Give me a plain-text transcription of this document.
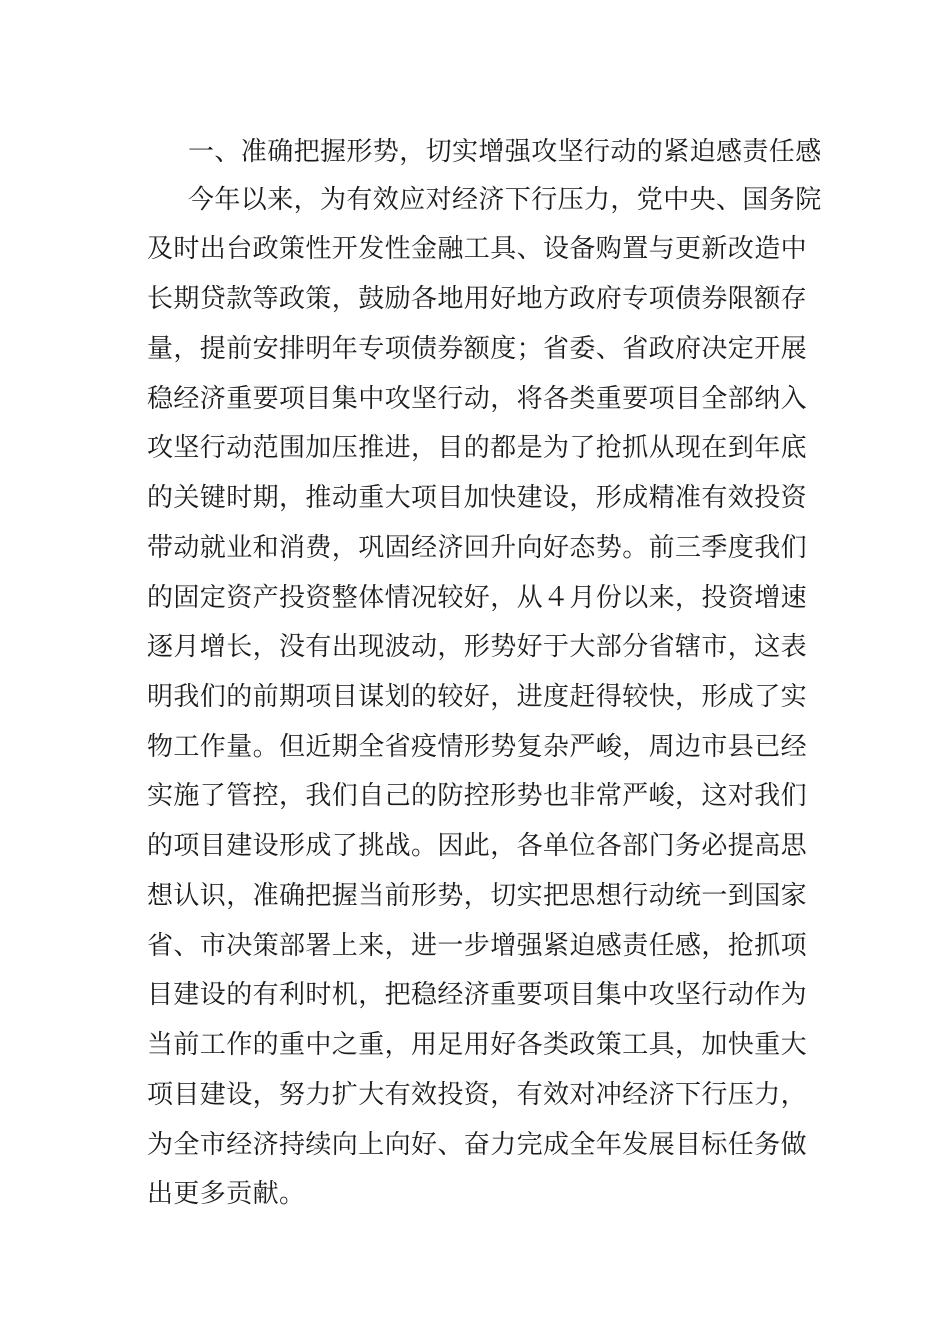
一、准确把握形势，切实增强攻坚行动的紧迫感责任感
今年以来，为有效应对经济下行压力，党中央、国务院
及时出台政策性开发性金融工具、设备购置与更新改造中
长期贷款等政策，鼓励各地用好地方政府专项债券限额存
量，提前安排明年专项债券额度；省委、省政府决定开展
稳经济重要项目集中攻坚行动，将各类重要项目全部纳入
攻坚行动范围加压推进，目的都是为了抢抓从现在到年底
的关键时期，推动重大项目加快建设，形成精准有效投资
带动就业和消费，巩固经济回升向好态势。前三季度我们
的固定资产投资整体情况较好，从４月份以来，投资增速
逐月增长，没有出现波动，形势好于大部分省辖市，这表
明我们的前期项目谋划的较好，进度赶得较快，形成了实
物工作量。但近期全省疫情形势复杂严峻，周边市县已经
实施了管控，我们自己的防控形势也非常严峻，这对我们
的项目建设形成了挑战。因此，各单位各部门务必提高思
想认识，准确把握当前形势，切实把思想行动统一到国家
省、市决策部署上来，进一步增强紧迫感责任感，抢抓项
目建设的有利时机，把稳经济重要项目集中攻坚行动作为
当前工作的重中之重，用足用好各类政策工具，加快重大
项目建设，努力扩大有效投资，有效对冲经济下行压力，
为全市经济持续向上向好、奋力完成全年发展目标任务做
出更多贡献。
